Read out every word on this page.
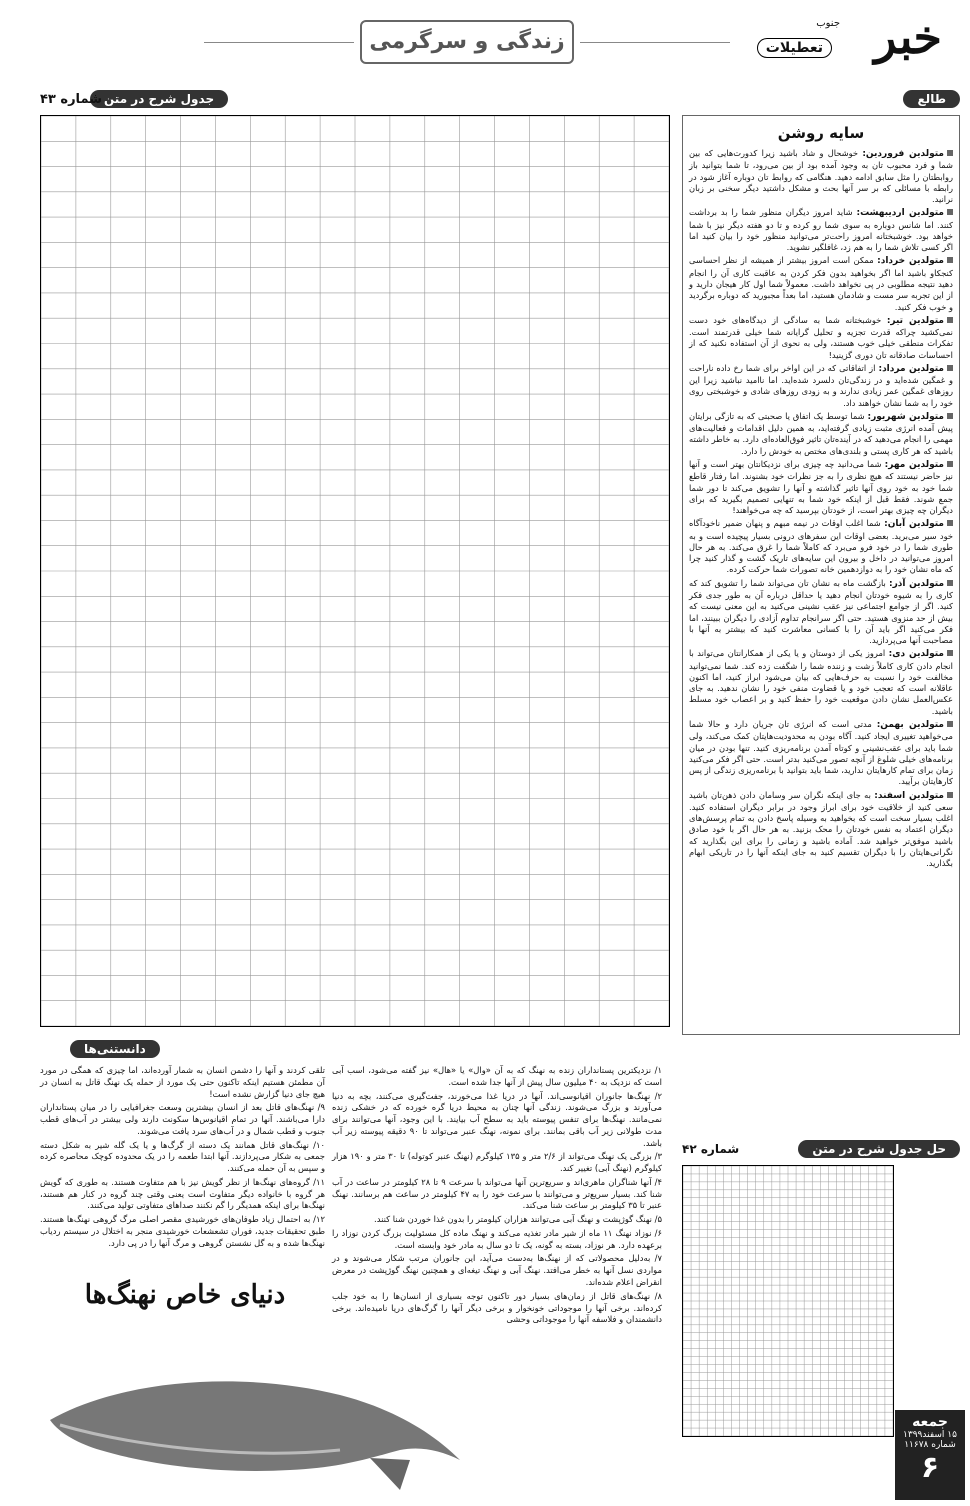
خبر
تعطیلات
جنوب
زندگی و سرگرمی
جدول شرح در متن
شماره ۴۳	طالع
سایه روشن

متولدین فروردین: خوشحال و شاد باشید زیرا کدورت‌هایی که بین شما و فرد محبوب تان به وجود آمده بود از بین می‌رود، تا شما بتوانید باز روابطتان را مثل سابق ادامه دهید. هنگامی که روابط تان دوباره آغاز شود در رابطه با مسائلی که بر سر آنها بحث و مشکل داشتید دیگر سخنی بر زبان نرانید.

متولدین اردیبهشت: شاید امروز دیگران منظور شما را بد برداشت کنند. اما شانس دوباره به سوی شما رو کرده و تا دو هفته دیگر نیز با شما خواهد بود. خوشبختانه امروز راحت‌تر می‌توانید منظور خود را بیان کنید اما اگر کسی تلاش شما را به هم زد، غافلگیر نشوید.

متولدین خرداد: ممکن است امروز بیشتر از همیشه از نظر احساسی کنجکاو باشید اما اگر بخواهید بدون فکر کردن به عاقبت کاری آن را انجام دهید نتیجه مطلوبی در پی نخواهد داشت. معمولاً شما اول کار هیجان دارید و از این تجربه سر مست و شادمان هستید، اما بعداً مجبورید که دوباره برگردید و خوب فکر کنید.

متولدین تیر: خوشبختانه شما به سادگی از دیدگاه‌های خود دست نمی‌کشید چراکه قدرت تجزیه و تحلیل گرایانه شما خیلی قدرتمند است. تفکرات منطقی خیلی خوب هستند، ولی به نحوی از آن استفاده نکنید که از احساسات صادقانه تان دوری گزینید!

متولدین مرداد: از اتفاقاتی که در این اواخر برای شما رخ داده ناراحت و غمگین شده‌اید و در زندگی‌تان دلسرد شده‌اید. اما ناامید نباشید زیرا این روزهای غمگین عمر زیادی ندارند و به زودی روزهای شادی و خوشبختی روی خود را به شما نشان خواهند داد.

متولدین شهریور: شما توسط یک اتفاق یا صحبتی که به تازگی برایتان پیش آمده انرژی مثبت زیادی گرفته‌اید، به همین دلیل اقدامات و فعالیت‌های مهمی را انجام می‌دهید که در آینده‌تان تاثیر فوق‌العاده‌ای دارد. به خاطر داشته باشید که هر کاری پستی و بلندی‌های مختص به خودش را دارد.

متولدین مهر: شما می‌دانید چه چیزی برای نزدیکانتان بهتر است و آنها نیز حاضر نیستند که هیچ نظری را به جز نظرات خود بشنوند. اما رفتار قاطع شما خود به خود روی آنها تاثیر گذاشته و آنها را تشویق می‌کند تا دور شما جمع شوند. فقط قبل از اینکه خود شما به تنهایی تصمیم بگیرید که برای دیگران چه چیزی بهتر است، از خودتان بپرسید که چه می‌خواهند!

متولدین آبان: شما اغلب اوقات در نیمه مبهم و پنهان ضمیر ناخودآگاه خود سیر می‌برید. بعضی اوقات این سفرهای درونی بسیار پیچیده است و به طوری شما را در خود فرو می‌برد که کاملاً شما را غرق می‌کند. به هر حال امروز می‌توانید در داخل و بیرون این سایه‌های تاریک گشت و گذار کنید چرا که ماه نشان خود را به دوازدهمین خانه تصورات شما حرکت کرده.

متولدین آذر: بازگشت ماه به نشان تان می‌تواند شما را تشویق کند که کاری را به شیوه خودتان انجام دهید یا حداقل درباره آن به طور جدی فکر کنید. اگر از جوامع اجتماعی نیز عقب نشینی می‌کنید به این معنی نیست که بیش از حد منزوی هستید. حتی اگر سرانجام تداوم آزادی را دیگران ببینند، اما فکر می‌کنید اگر باید آن را با کسانی معاشرت کنید که بیشتر به آنها با مصاحبت آنها می‌پردازید.

متولدین دی: امروز یکی از دوستان و یا یکی از همکارانتان می‌تواند با انجام دادن کاری کاملاً زشت و زننده شما را شگفت زده کند. شما نمی‌توانید مخالفت خود را نسبت به حرف‌هایی که بیان می‌شود ابراز کنید، اما اکنون عاقلانه است که تعجب خود و یا قضاوت منفی خود را نشان ندهید. به جای عکس‌العمل نشان دادن موقعیت خود را حفظ کنید و بر اعصاب خود مسلط باشید.

متولدین بهمن: مدتی است که انرژی تان جریان دارد و حالا شما می‌خواهید تغییری ایجاد کنید. آگاه بودن به محدودیت‌هایتان کمک می‌کند، ولی شما باید برای عقب‌نشینی و کوتاه آمدن برنامه‌ریزی کنید. تنها بودن در میان برنامه‌های خیلی شلوغ از آنچه تصور می‌کنید بدتر است. حتی اگر فکر می‌کنید زمان برای تمام کارهایتان ندارید، شما باید بتوانید با برنامه‌ریزی زندگی از پس کارهایتان برآیید.

متولدین اسفند: به جای اینکه نگران سر وسامان دادن ذهن‌تان باشید سعی کنید از خلاقیت خود برای ابراز وجود در برابر دیگران استفاده کنید. اغلب بسیار سخت است که بخواهید به وسیله پاسخ دادن به تمام پرسش‌های دیگران اعتماد به نفس خودتان را محک بزنید. به هر حال اگر با خود صادق باشید موفق‌تر خواهید شد. آماده باشید و زمانی را برای این بگذارید که نگرانی‌هایتان را با دیگران تقسیم کنید به جای اینکه آنها را در تاریکی ابهام بگذارید.

حل جدول شرح در متن
شماره ۴۲
جمعه
۱۵ اسفند۱۳۹۹
شماره ۱۱۶۷۸
۶
دانستنی‌ها

۱/ نزدیکترین پستانداران زنده به نهنگ که به آن «وال» یا «هال» نیز گفته می‌شود، اسب آبی است که نزدیک به ۴۰ میلیون سال پیش از آنها جدا شده است.

۲/ نهنگ‌ها جانوران اقیانوسی‌اند. آنها در دریا غذا می‌خورند، جفت‌گیری می‌کنند، بچه به دنیا می‌آورند و بزرگ می‌شوند. زندگی آنها چنان به محیط دریا گره خورده که در خشکی زنده نمی‌مانند. نهنگ‌ها برای تنفس پیوسته باید به سطح آب بیایند. با این وجود، آنها می‌توانند برای مدت طولانی زیر آب باقی بمانند. برای نمونه، نهنگ عنبر می‌تواند تا ۹۰ دقیقه پیوسته زیر آب باشد.

۳/ بزرگی یک نهنگ می‌تواند از ۲/۶ متر و ۱۳۵ کیلوگرم (نهنگ عنبر کوتوله) تا ۳۰ متر و ۱۹۰ هزار کیلوگرم (نهنگ آبی) تغییر کند.

۴/ آنها شناگران ماهری‌اند و سریع‌ترین آنها می‌تواند با سرعت ۹ تا ۲۸ کیلومتر در ساعت در آب شنا کند. بسیار سریع‌تر و می‌توانند با سرعت خود را به ۴۷ کیلومتر در ساعت هم برسانند. نهنگ عنبر تا ۳۵ کیلومتر بر ساعت شنا می‌کند.

۵/ نهنگ گوژپشت و نهنگ آبی می‌توانند هزاران کیلومتر را بدون غذا خوردن شنا کنند.

۶/ نوزاد نهنگ ۱۱ ماه از شیر مادر تغذیه می‌کند و نهنگ ماده کل مسئولیت بزرگ کردن نوزاد را برعهده دارد. هر نوزاد، بسته به گونه، یک تا دو سال به مادر خود وابسته است.

۷/ به‌دلیل محصولاتی که از نهنگ‌ها به‌دست می‌آید، این جانوران مرتب شکار می‌شوند و در مواردی نسل آنها به خطر می‌افتد. نهنگ آبی و نهنگ تیغه‌ای و همچنین نهنگ گوژپشت در معرض انقراض اعلام شده‌اند.

۸/ نهنگ‌های قاتل از زمان‌های بسیار دور تاکنون توجه بسیاری از انسان‌ها را به خود جلب کرده‌اند. برخی آنها را موجوداتی خونخوار و برخی دیگر آنها را گرگ‌های دریا نامیده‌اند. برخی دانشمندان و فلاسفه آنها را موجوداتی وحشی

تلقی کردند و آنها را دشمن انسان به شمار آورده‌اند، اما چیزی که همگی در مورد آن مطمئن هستیم اینکه تاکنون حتی یک مورد از حمله یک نهنگ قاتل به انسان در هیچ جای دنیا گزارش نشده است!

۹/ نهنگ‌های قاتل بعد از انسان بیشترین وسعت جغرافیایی را در میان پستانداران دارا می‌باشند. آنها در تمام اقیانوس‌ها سکونت دارند ولی بیشتر در آب‌های قطب جنوب و قطب شمال و در آب‌های سرد یافت می‌شوند.

۱۰/ نهنگ‌های قاتل همانند یک دسته از گرگ‌ها و یا یک گله شیر به شکل دسته جمعی به شکار می‌پردازند. آنها ابتدا طعمه را در یک محدوده کوچک محاصره کرده و سپس به آن حمله می‌کنند.

۱۱/ گروه‌های نهنگ‌ها از نظر گویش نیز با هم متفاوت هستند. به طوری که گویش هر گروه با خانواده دیگر متفاوت است یعنی وقتی چند گروه در کنار هم هستند، نهنگ‌ها برای اینکه همدیگر را گم نکنند صداهای متفاوتی تولید می‌کنند.

۱۲/ به احتمال زیاد طوفان‌های خورشیدی مقصر اصلی مرگ گروهی نهنگ‌ها هستند. طبق تحقیقات جدید، فوران تشعشعات خورشیدی منجر به اختلال در سیستم ردیاب نهنگ‌ها شده و به گل نشستن گروهی و مرگ آنها را در پی دارد.

دنیای خاص نهنگ‌ها
